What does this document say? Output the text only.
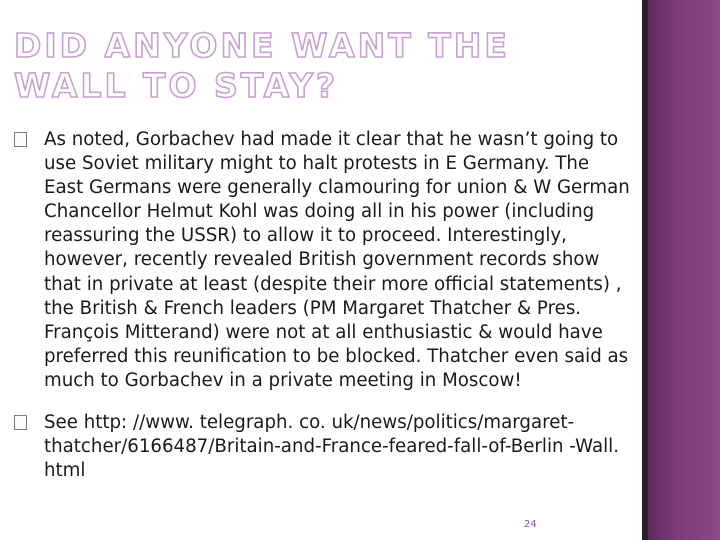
DID ANYONE WANT THE WALL TO STAY?
As noted, Gorbachev had made it clear that he wasn’t going to use Soviet military might to halt protests in E Germany. The East Germans were generally clamouring for union & W German Chancellor Helmut Kohl was doing all in his power (including reassuring the USSR) to allow it to proceed. Interestingly, however, recently revealed British government records show that in private at least (despite their more official statements) , the British & French leaders (PM Margaret Thatcher & Pres. François Mitterand) were not at all enthusiastic & would have preferred this reunification to be blocked. Thatcher even said as much to Gorbachev in a private meeting in Moscow!
See http: //www. telegraph. co. uk/news/politics/margaret-thatcher/6166487/Britain-and-France-feared-fall-of-Berlin -Wall. html
24
